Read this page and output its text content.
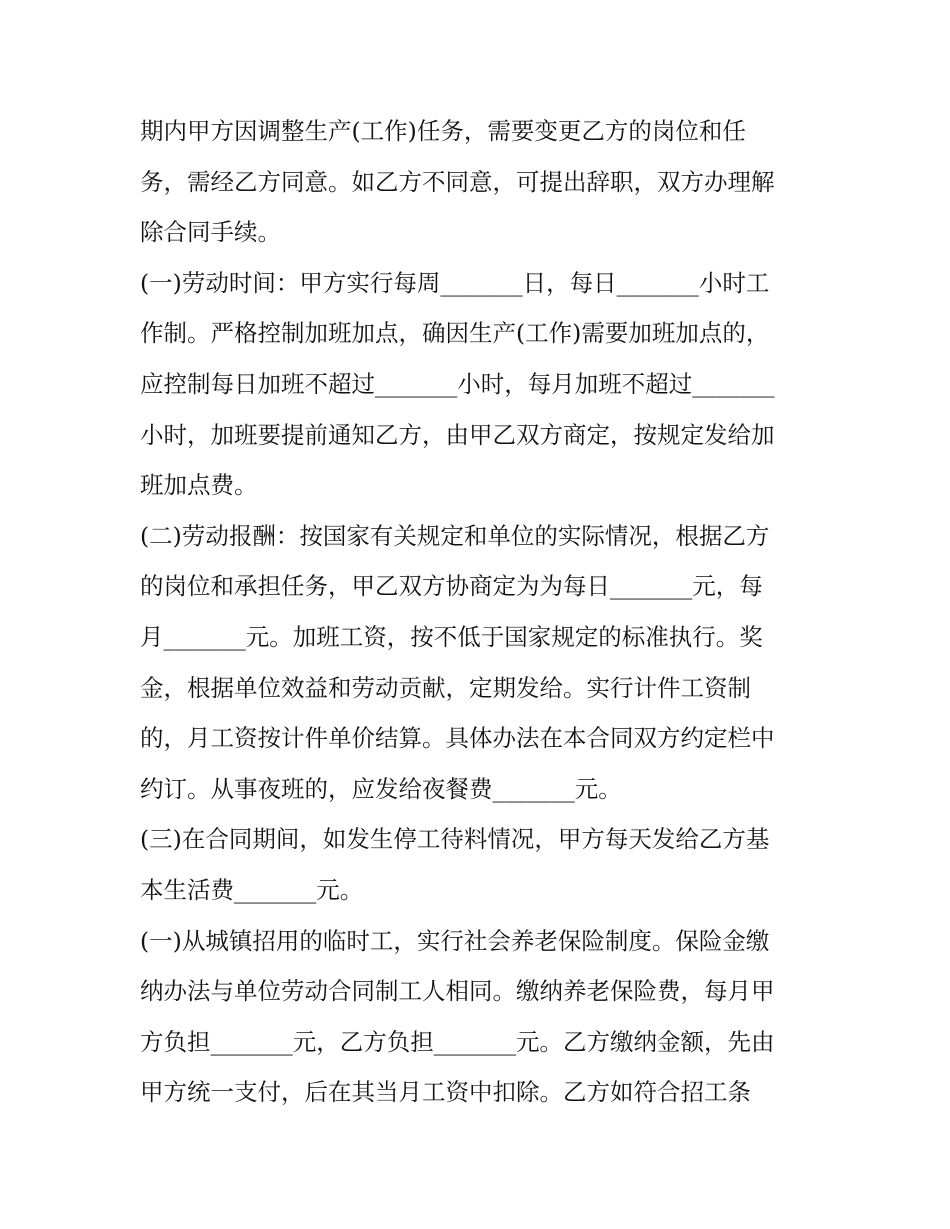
期内甲方因调整生产(工作)任务，需要变更乙方的岗位和任
务，需经乙方同意。如乙方不同意，可提出辞职，双方办理解
除合同手续。
(一)劳动时间：甲方实行每周_______日，每日_______小时工
作制。严格控制加班加点，确因生产(工作)需要加班加点的，
应控制每日加班不超过_______小时，每月加班不超过_______
小时，加班要提前通知乙方，由甲乙双方商定，按规定发给加
班加点费。
(二)劳动报酬：按国家有关规定和单位的实际情况，根据乙方
的岗位和承担任务，甲乙双方协商定为为每日_______元，每
月_______元。加班工资，按不低于国家规定的标准执行。奖
金，根据单位效益和劳动贡献，定期发给。实行计件工资制
的，月工资按计件单价结算。具体办法在本合同双方约定栏中
约订。从事夜班的，应发给夜餐费_______元。
(三)在合同期间，如发生停工待料情况，甲方每天发给乙方基
本生活费_______元。
(一)从城镇招用的临时工，实行社会养老保险制度。保险金缴
纳办法与单位劳动合同制工人相同。缴纳养老保险费，每月甲
方负担_______元，乙方负担_______元。乙方缴纳金额，先由
甲方统一支付，后在其当月工资中扣除。乙方如符合招工条
